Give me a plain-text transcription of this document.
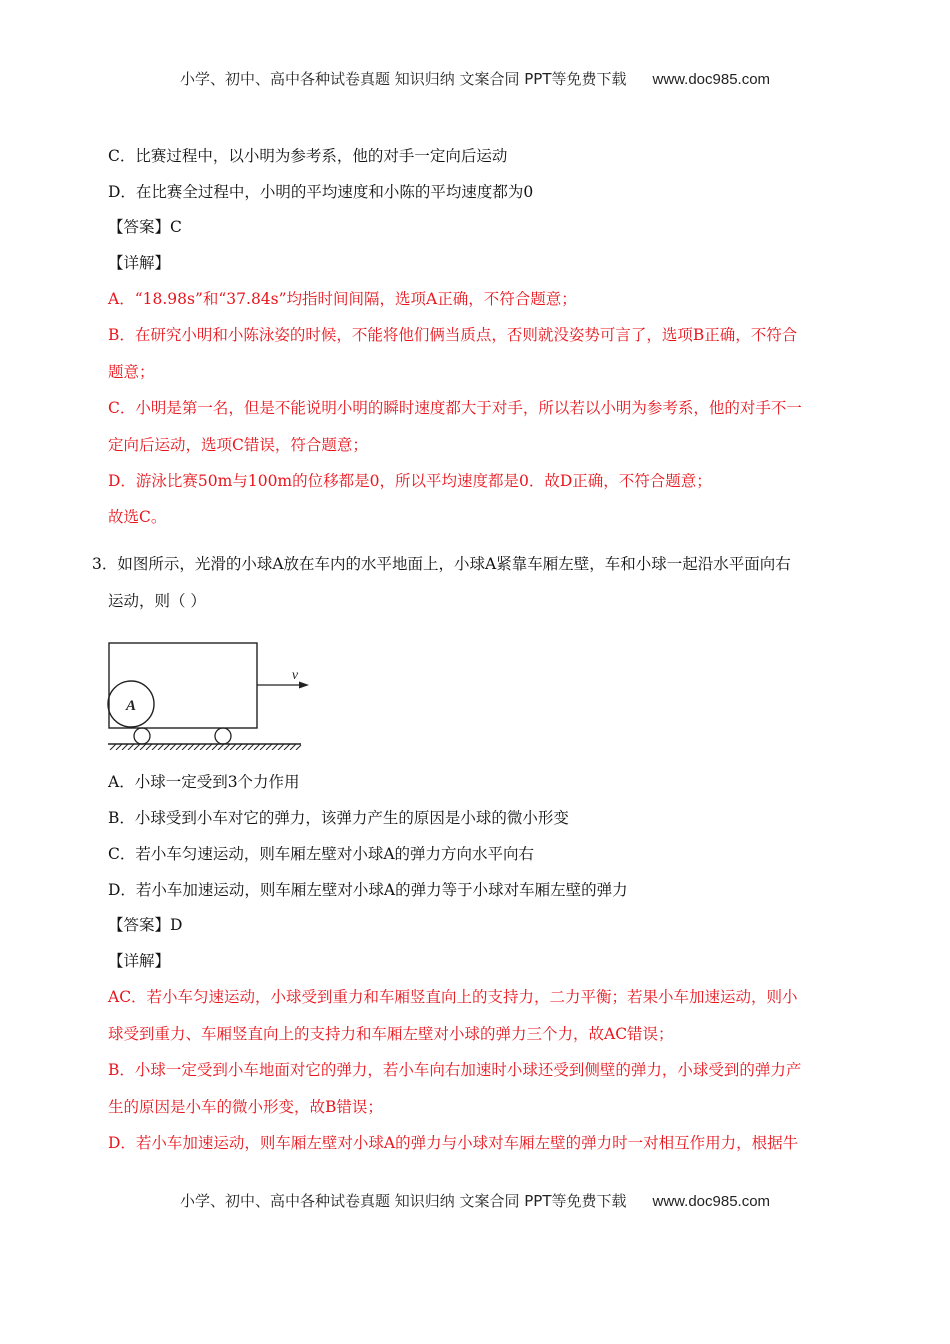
小学、初中、高中各种试卷真题 知识归纳 文案合同 PPT等免费下载 www.doc985.com
C．比赛过程中，以小明为参考系，他的对手一定向后运动
D．在比赛全过程中，小明的平均速度和小陈的平均速度都为0
【答案】C
【详解】
A．“18.98s”和“37.84s”均指时间间隔，选项A正确，不符合题意；
B．在研究小明和小陈泳姿的时候，不能将他们俩当质点，否则就没姿势可言了，选项B正确，不符合
题意；
C．小明是第一名，但是不能说明小明的瞬时速度都大于对手，所以若以小明为参考系，他的对手不一
定向后运动，选项C错误，符合题意；
D．游泳比赛50m与100m的位移都是0，所以平均速度都是0．故D正确，不符合题意；
故选C。
3．如图所示，光滑的小球A放在车内的水平地面上，小球A紧靠车厢左壁，车和小球一起沿水平面向右
运动，则（ ）
A
v
A．小球一定受到3个力作用
B．小球受到小车对它的弹力，该弹力产生的原因是小球的微小形变
C．若小车匀速运动，则车厢左壁对小球A的弹力方向水平向右
D．若小车加速运动，则车厢左壁对小球A的弹力等于小球对车厢左壁的弹力
【答案】D
【详解】
AC．若小车匀速运动，小球受到重力和车厢竖直向上的支持力，二力平衡；若果小车加速运动，则小
球受到重力、车厢竖直向上的支持力和车厢左壁对小球的弹力三个力，故AC错误；
B．小球一定受到小车地面对它的弹力，若小车向右加速时小球还受到侧壁的弹力，小球受到的弹力产
生的原因是小车的微小形变，故B错误；
D．若小车加速运动，则车厢左壁对小球A的弹力与小球对车厢左壁的弹力时一对相互作用力，根据牛
小学、初中、高中各种试卷真题 知识归纳 文案合同 PPT等免费下载 www.doc985.com
